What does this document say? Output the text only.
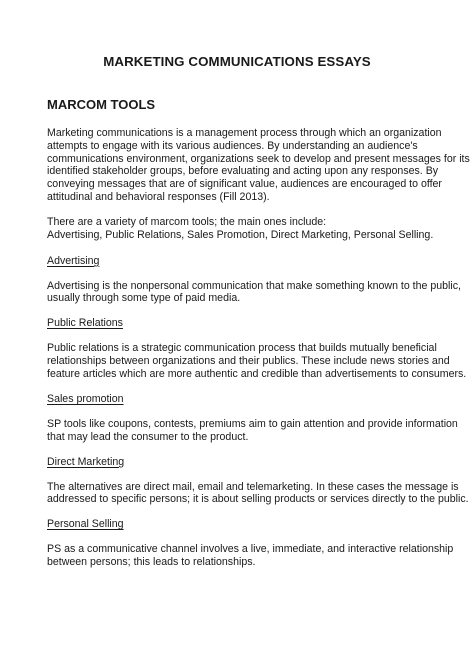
MARKETING COMMUNICATIONS ESSAYS
MARCOM TOOLS

Marketing communications is a management process through which an organization
attempts to engage with its various audiences. By understanding an audience's
communications environment, organizations seek to develop and present messages for its
identified stakeholder groups, before evaluating and acting upon any responses. By
conveying messages that are of significant value, audiences are encouraged to offer
attitudinal and behavioral responses (Fill 2013).

There are a variety of marcom tools; the main ones include:
Advertising, Public Relations, Sales Promotion, Direct Marketing, Personal Selling.

Advertising

Advertising is the nonpersonal communication that make something known to the public,
usually through some type of paid media.

Public Relations

Public relations is a strategic communication process that builds mutually beneficial
relationships between organizations and their publics. These include news stories and
feature articles which are more authentic and credible than advertisements to consumers.

Sales promotion

SP tools like coupons, contests, premiums aim to gain attention and provide information
that may lead the consumer to the product.

Direct Marketing

The alternatives are direct mail, email and telemarketing. In these cases the message is
addressed to specific persons; it is about selling products or services directly to the public.

Personal Selling

PS as a communicative channel involves a live, immediate, and interactive relationship
between persons; this leads to relationships.
